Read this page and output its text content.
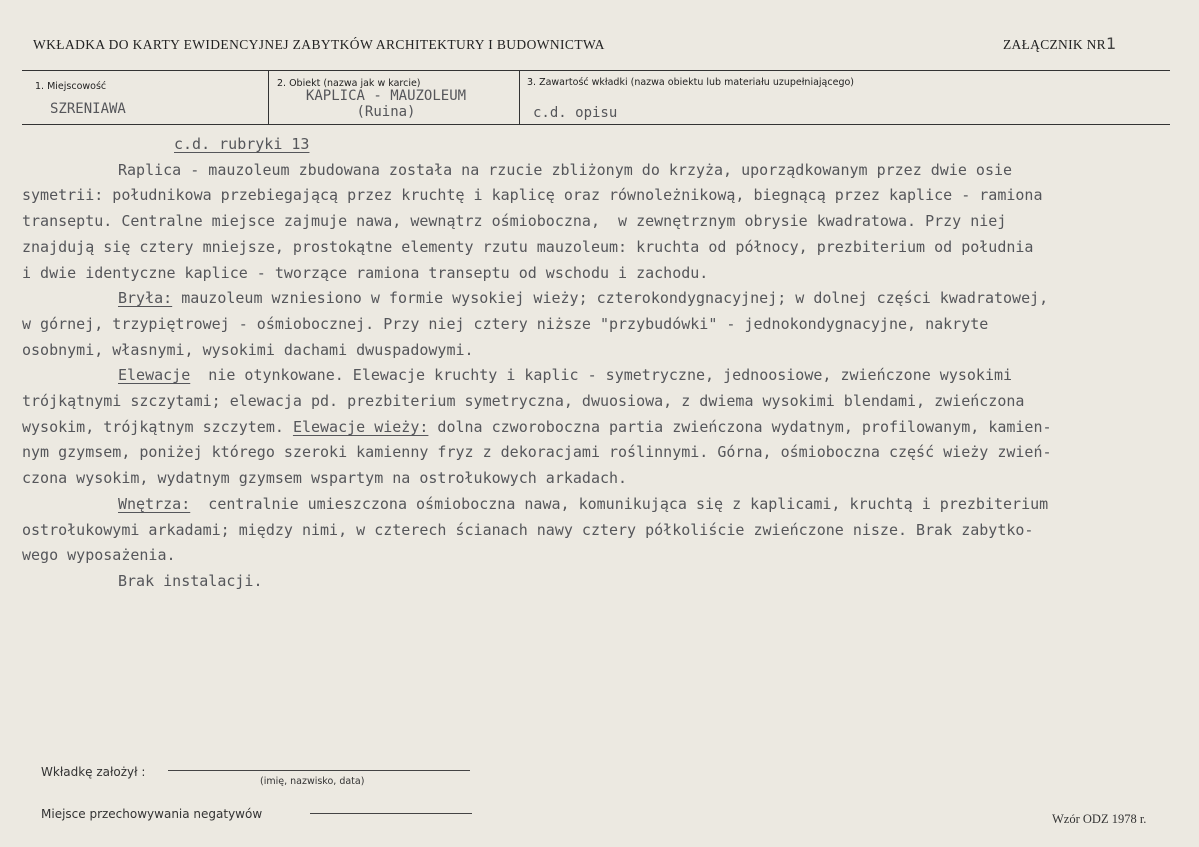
WKŁADKA DO KARTY EWIDENCYJNEJ ZABYTKÓW ARCHITEKTURY I BUDOWNICTWA	ZAŁĄCZNIK NR1
1. Miejscowość
SZRENIAWA
2. Obiekt (nazwa jak w karcie)
KAPLICA - MAUZOLEUM
(Ruina)
3. Zawartość wkładki (nazwa obiektu lub materiału uzupełniającego)
c.d. opisu
c.d. rubryki 13
Raplica - mauzoleum zbudowana została na rzucie zbliżonym do krzyża, uporządkowanym przez dwie osie
symetrii: południkowa przebiegającą przez kruchtę i kaplicę oraz równoleżnikową, biegnącą przez kaplice - ramiona
transeptu. Centralne miejsce zajmuje nawa, wewnątrz ośmioboczna,  w zewnętrznym obrysie kwadratowa. Przy niej
znajdują się cztery mniejsze, prostokątne elementy rzutu mauzoleum: kruchta od północy, prezbiterium od południa
i dwie identyczne kaplice - tworzące ramiona transeptu od wschodu i zachodu.
Bryła: mauzoleum wzniesiono w formie wysokiej wieży; czterokondygnacyjnej; w dolnej części kwadratowej,
w górnej, trzypiętrowej - ośmiobocznej. Przy niej cztery niższe "przybudówki" - jednokondygnacyjne, nakryte
osobnymi, własnymi, wysokimi dachami dwuspadowymi.
Elewacje  nie otynkowane. Elewacje kruchty i kaplic - symetryczne, jednoosiowe, zwieńczone wysokimi
trójkątnymi szczytami; elewacja pd. prezbiterium symetryczna, dwuosiowa, z dwiema wysokimi blendami, zwieńczona
wysokim, trójkątnym szczytem. Elewacje wieży: dolna czworoboczna partia zwieńczona wydatnym, profilowanym, kamien-
nym gzymsem, poniżej którego szeroki kamienny fryz z dekoracjami roślinnymi. Górna, ośmioboczna część wieży zwień-
czona wysokim, wydatnym gzymsem wspartym na ostrołukowych arkadach.
Wnętrza:  centralnie umieszczona ośmioboczna nawa, komunikująca się z kaplicami, kruchtą i prezbiterium
ostrołukowymi arkadami; między nimi, w czterech ścianach nawy cztery półkoliście zwieńczone nisze. Brak zabytko-
wego wyposażenia.
Brak instalacji.
Wkładkę założył :
(imię, nazwisko, data)
Miejsce przechowywania negatywów	Wzór ODZ 1978 r.
